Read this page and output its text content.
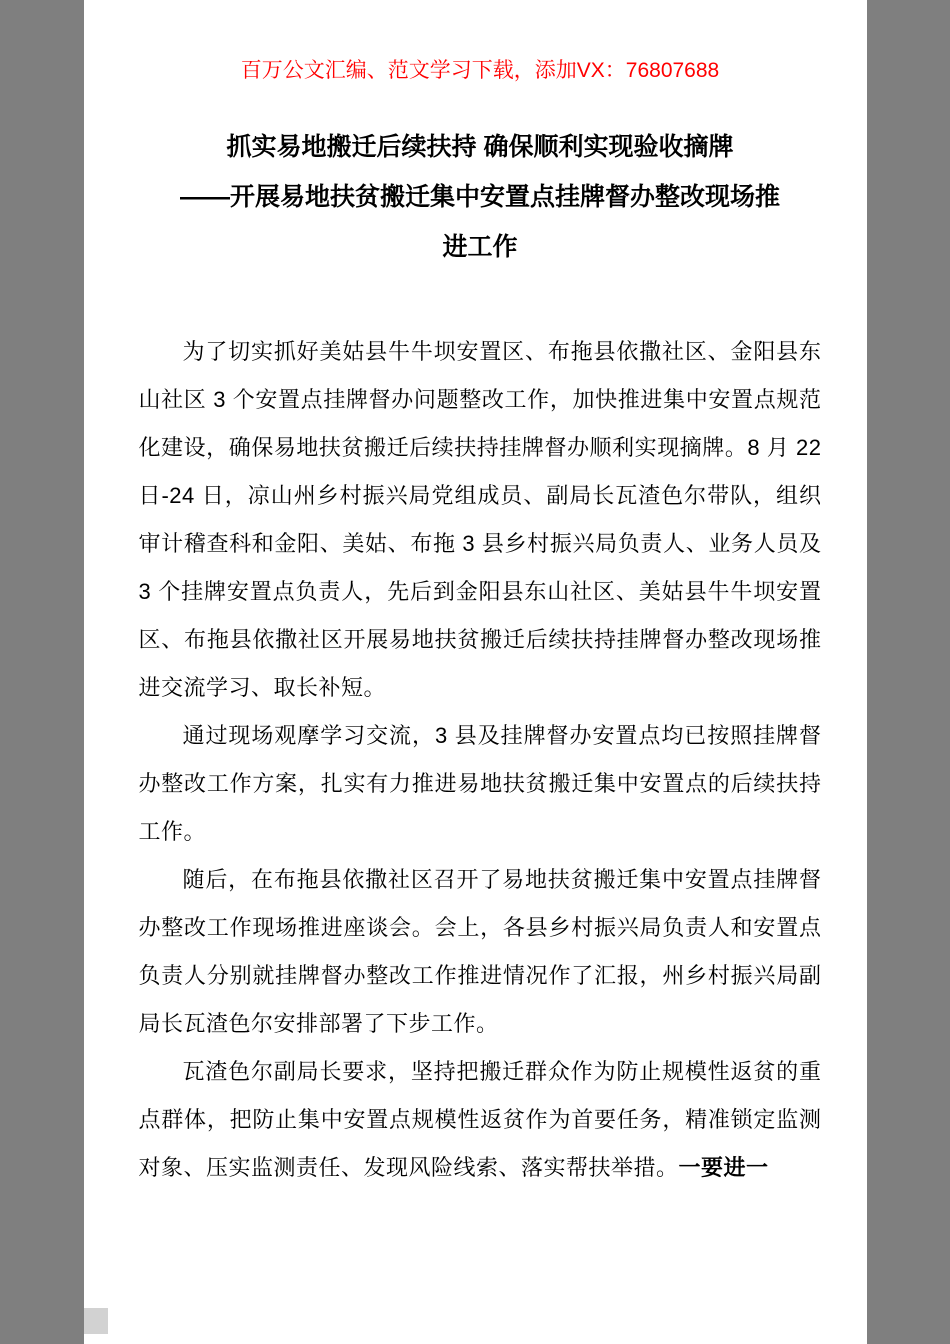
百万公文汇编、范文学习下载，添加VX：76807688
抓实易地搬迁后续扶持 确保顺利实现验收摘牌
——开展易地扶贫搬迁集中安置点挂牌督办整改现场推
进工作

为了切实抓好美姑县牛牛坝安置区、布拖县依撒社区、金阳县东山社区 3 个安置点挂牌督办问题整改工作，加快推进集中安置点规范化建设，确保易地扶贫搬迁后续扶持挂牌督办顺利实现摘牌。8 月 22 日-24 日，凉山州乡村振兴局党组成员、副局长瓦渣色尔带队，组织审计稽查科和金阳、美姑、布拖 3 县乡村振兴局负责人、业务人员及 3 个挂牌安置点负责人，先后到金阳县东山社区、美姑县牛牛坝安置区、布拖县依撒社区开展易地扶贫搬迁后续扶持挂牌督办整改现场推进交流学习、取长补短。

通过现场观摩学习交流，3 县及挂牌督办安置点均已按照挂牌督办整改工作方案，扎实有力推进易地扶贫搬迁集中安置点的后续扶持工作。

随后，在布拖县依撒社区召开了易地扶贫搬迁集中安置点挂牌督办整改工作现场推进座谈会。会上，各县乡村振兴局负责人和安置点负责人分别就挂牌督办整改工作推进情况作了汇报，州乡村振兴局副局长瓦渣色尔安排部署了下步工作。

瓦渣色尔副局长要求，坚持把搬迁群众作为防止规模性返贫的重点群体，把防止集中安置点规模性返贫作为首要任务，精准锁定监测对象、压实监测责任、发现风险线索、落实帮扶举措。一要进一
